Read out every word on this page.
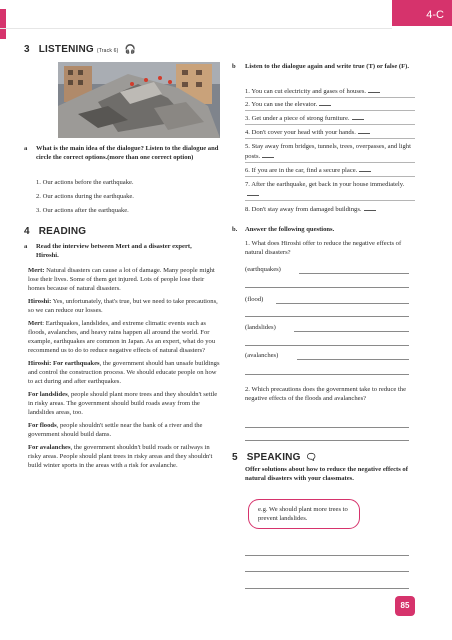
4-C
3 LISTENING (Track 6) 🎧
a What is the main idea of the dialogue? Listen to the dialogue and circle the correct options.(more than one correct option)
1. Our actions before the earthquake.
2. Our actions during the earthquake.
3. Our actions after the earthquake.
b Listen to the dialogue again and write true (T) or false (F).
1. You can cut electricity and gases of houses.
2. You can use the elevator.
3. Get under a piece of strong furniture.
4. Don't cover your head with your hands.
5. Stay away from bridges, tunnels, trees, overpasses, and light posts.
6. If you are in the car, find a secure place.
7. After the earthquake, get back in your house immediately.
8. Don't stay away from damaged buildings.
4 READING
a Read the interview between Mert and a disaster expert, Hiroshi.

Mert: Natural disasters can cause a lot of damage. Many people might lose their lives. Some of them get injured. Lots of people lose their homes because of natural disasters.

Hiroshi: Yes, unfortunately, that's true, but we need to take precautions, so we can reduce our losses.

Mert: Earthquakes, landslides, and extreme climatic events such as floods, avalanches, and heavy rains happen all around the world. For example, earthquakes are common in Japan. As an expert, what do you recommend us to do to reduce negative effects of natural disasters?

Hiroshi: For earthquakes, the government should ban unsafe buildings and control the construction process. We should educate people on how to act during and after earthquakes.

For landslides, people should plant more trees and they shouldn't settle in risky areas. The government should build roads away from the landslides areas, too.

For floods, people shouldn't settle near the bank of a river and the government should build dams.

For avalanches, the government shouldn't build roads or railways in risky areas. People should plant trees in risky areas and they shouldn't build winter sports in the areas with a risk for avalanche.

b. Answer the following questions.
1. What does Hiroshi offer to reduce the negative effects of natural disasters?
(earthquakes)
(flood)
(landslides)
(avalanches)
2. Which precautions does the government take to reduce the negative effects of the floods and avalanches?
5 SPEAKING 🗨
Offer solutions about how to reduce the negative effects of natural disasters with your classmates.
e.g. We should plant more trees to prevent landslides.
85
